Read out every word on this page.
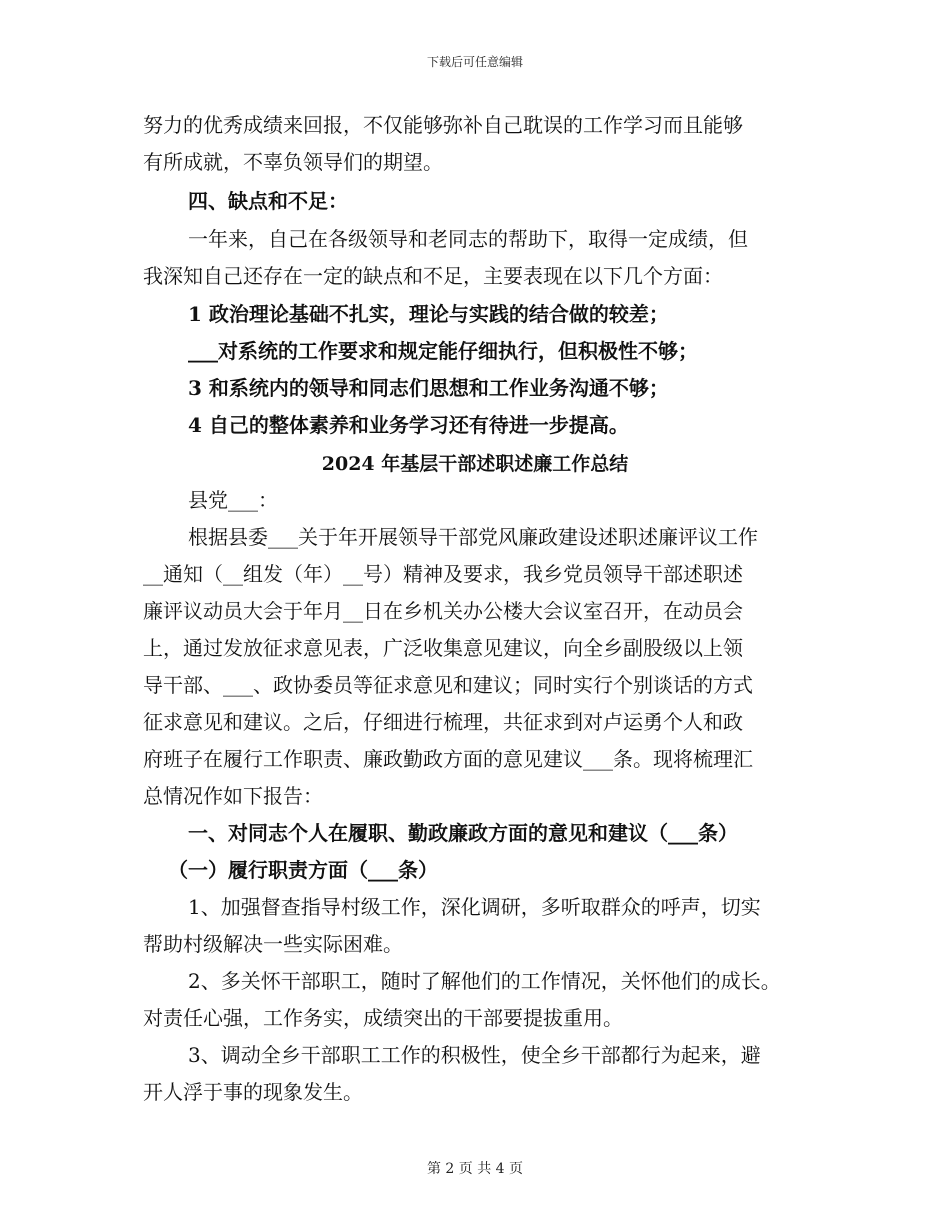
下载后可任意编辑
努力的优秀成绩来回报，不仅能够弥补自己耽误的工作学习而且能够
有所成就，不辜负领导们的期望。
四、缺点和不足：
一年来，自己在各级领导和老同志的帮助下，取得一定成绩，但
我深知自己还存在一定的缺点和不足，主要表现在以下几个方面：
1 政治理论基础不扎实，理论与实践的结合做的较差；
___对系统的工作要求和规定能仔细执行，但积极性不够；
3 和系统内的领导和同志们思想和工作业务沟通不够；
4 自己的整体素养和业务学习还有待进一步提高。
2024 年基层干部述职述廉工作总结
县党___：
根据县委___关于年开展领导干部党风廉政建设述职述廉评议工作
__通知（__组发（年）__号）精神及要求，我乡党员领导干部述职述
廉评议动员大会于年月__日在乡机关办公楼大会议室召开，在动员会
上，通过发放征求意见表，广泛收集意见建议，向全乡副股级以上领
导干部、___、政协委员等征求意见和建议；同时实行个别谈话的方式
征求意见和建议。之后，仔细进行梳理，共征求到对卢运勇个人和政
府班子在履行工作职责、廉政勤政方面的意见建议___条。现将梳理汇
总情况作如下报告：
一、对同志个人在履职、勤政廉政方面的意见和建议（___条）
（一）履行职责方面（___条）
1、加强督查指导村级工作，深化调研，多听取群众的呼声，切实
帮助村级解决一些实际困难。
2、多关怀干部职工，随时了解他们的工作情况，关怀他们的成长。
对责任心强，工作务实，成绩突出的干部要提拔重用。
3、调动全乡干部职工工作的积极性，使全乡干部都行为起来，避
开人浮于事的现象发生。
第 2 页 共 4 页
